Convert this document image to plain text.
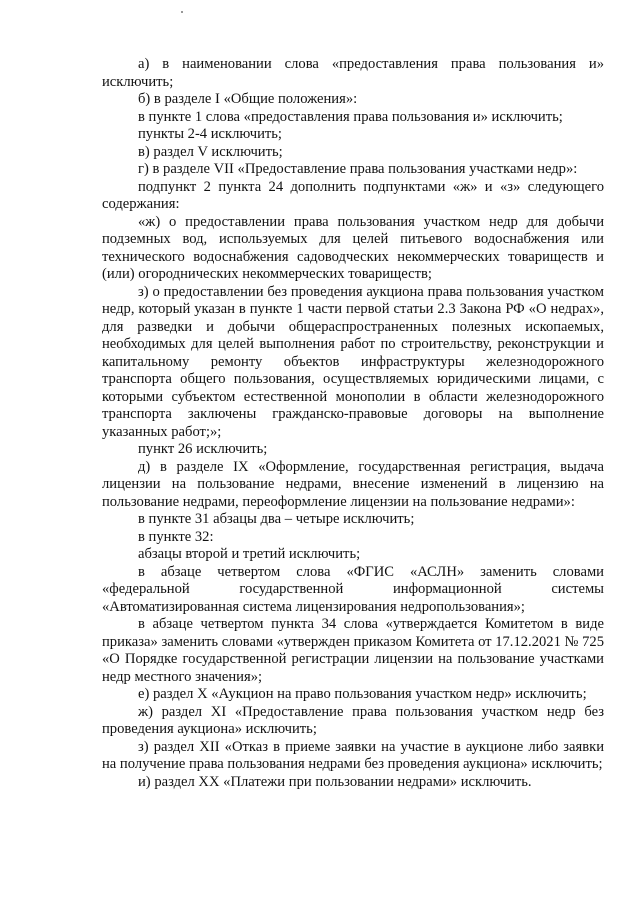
а) в наименовании слова «предоставления права пользования и» исключить;

б) в разделе I «Общие положения»:

в пункте 1 слова «предоставления права пользования и» исключить;

пункты 2-4 исключить;

в) раздел V исключить;

г) в разделе VII «Предоставление права пользования участками недр»:

подпункт 2 пункта 24 дополнить подпунктами «ж» и «з» следующего содержания:

«ж) о предоставлении права пользования участком недр для добычи подземных вод, используемых для целей питьевого водоснабжения или технического водоснабжения садоводческих некоммерческих товариществ и (или) огороднических некоммерческих товариществ;

з) о предоставлении без проведения аукциона права пользования участком недр, который указан в пункте 1 части первой статьи 2.3 Закона РФ «О недрах», для разведки и добычи общераспространенных полезных ископаемых, необходимых для целей выполнения работ по строительству, реконструкции и капитальному ремонту объектов инфраструктуры железнодорожного транспорта общего пользования, осуществляемых юридическими лицами, с которыми субъектом естественной монополии в области железнодорожного транспорта заключены гражданско-правовые договоры на выполнение указанных работ;»;

пункт 26 исключить;

д) в разделе IX «Оформление, государственная регистрация, выдача лицензии на пользование недрами, внесение изменений в лицензию на пользование недрами, переоформление лицензии на пользование недрами»:

в пункте 31 абзацы два – четыре исключить;

в пункте 32:

абзацы второй и третий исключить;

в абзаце четвертом слова «ФГИС «АСЛН» заменить словами «федеральной государственной информационной системы «Автоматизированная система лицензирования недропользования»;

в абзаце четвертом пункта 34 слова «утверждается Комитетом в виде приказа» заменить словами «утвержден приказом Комитета от 17.12.2021 № 725 «О Порядке государственной регистрации лицензии на пользование участками недр местного значения»;

е) раздел X «Аукцион на право пользования участком недр» исключить;

ж) раздел XI «Предоставление права пользования участком недр без проведения аукциона» исключить;

з) раздел XII «Отказ в приеме заявки на участие в аукционе либо заявки на получение права пользования недрами без проведения аукциона» исключить;

и) раздел XX «Платежи при пользовании недрами» исключить.
